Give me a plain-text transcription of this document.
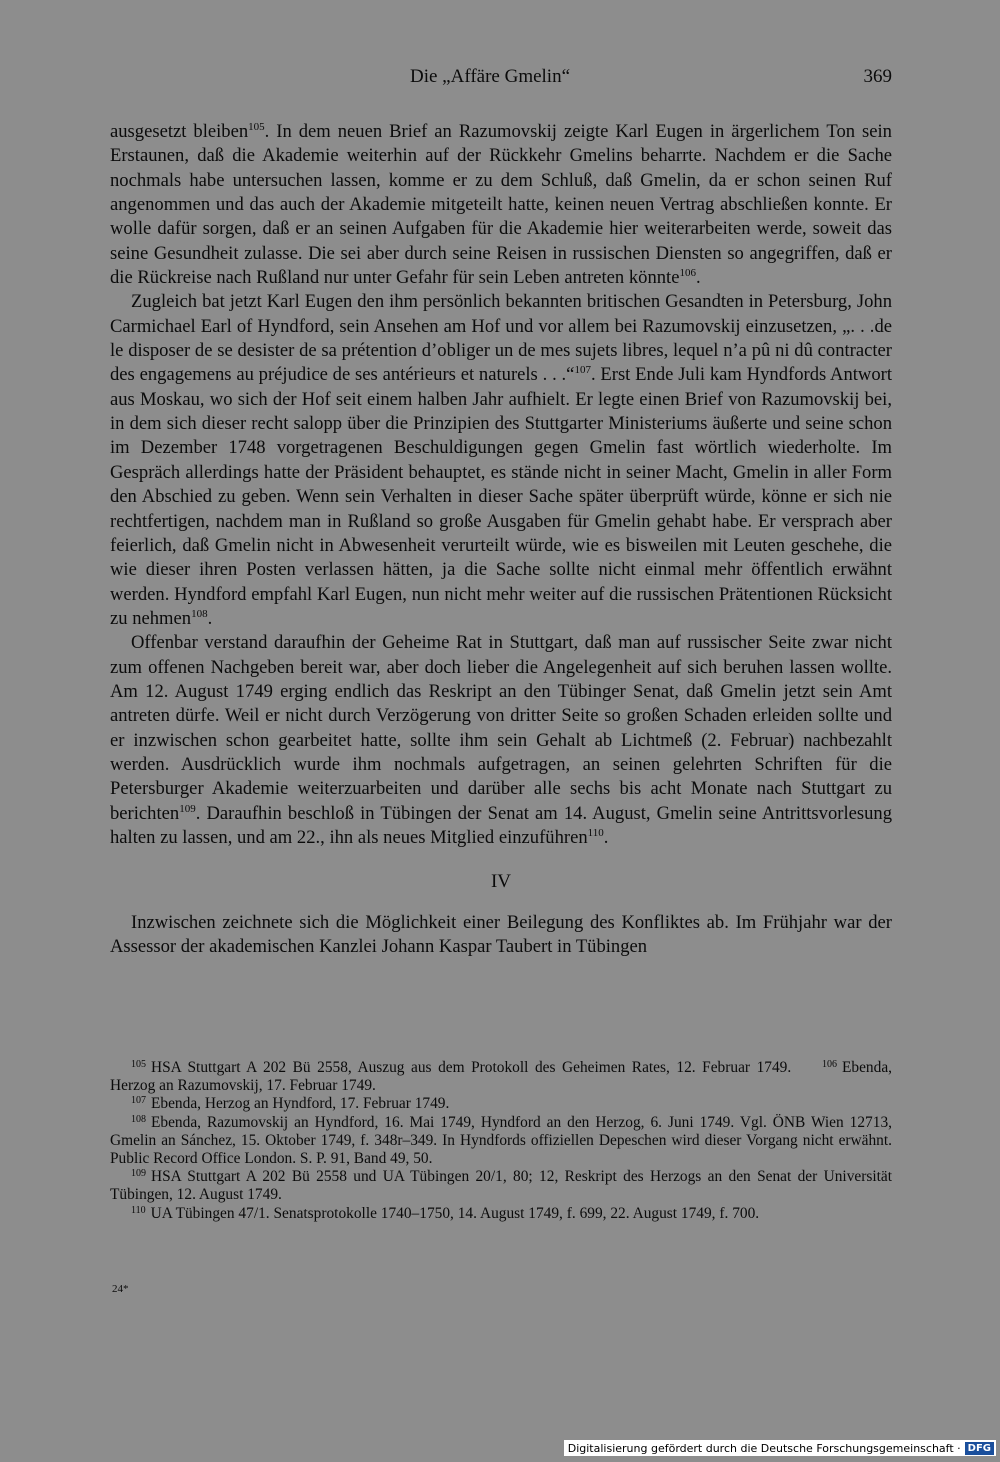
Die „Affäre Gmelin“	369

ausgesetzt bleiben$^{105}$. In dem neuen Brief an Razumovskij zeigte Karl Eugen in ärgerlichem Ton sein Erstaunen, daß die Akademie weiterhin auf der Rückkehr Gmelins beharrte. Nachdem er die Sache nochmals habe untersuchen lassen, komme er zu dem Schluß, daß Gmelin, da er schon seinen Ruf angenommen und das auch der Akademie mitgeteilt hatte, keinen neuen Vertrag abschließen konnte. Er wolle dafür sorgen, daß er an seinen Aufgaben für die Akademie hier weiterarbeiten werde, soweit das seine Gesundheit zulasse. Die sei aber durch seine Reisen in russischen Diensten so angegriffen, daß er die Rückreise nach Rußland nur unter Gefahr für sein Leben antreten könnte$^{106}$.

Zugleich bat jetzt Karl Eugen den ihm persönlich bekannten britischen Gesandten in Petersburg, John Carmichael Earl of Hyndford, sein Ansehen am Hof und vor allem bei Razumovskij einzusetzen, „. . .de le disposer de se desister de sa prétention d’obliger un de mes sujets libres, lequel n’a pû ni dû contracter des engagemens au préjudice de ses antérieurs et naturels . . .“$^{107}$. Erst Ende Juli kam Hyndfords Antwort aus Moskau, wo sich der Hof seit einem halben Jahr aufhielt. Er legte einen Brief von Razumovskij bei, in dem sich dieser recht salopp über die Prinzipien des Stuttgarter Ministeriums äußerte und seine schon im Dezember 1748 vorgetragenen Beschuldigungen gegen Gmelin fast wörtlich wiederholte. Im Gespräch allerdings hatte der Präsident behauptet, es stände nicht in seiner Macht, Gmelin in aller Form den Abschied zu geben. Wenn sein Verhalten in dieser Sache später überprüft würde, könne er sich nie rechtfertigen, nachdem man in Rußland so große Ausgaben für Gmelin gehabt habe. Er versprach aber feierlich, daß Gmelin nicht in Abwesenheit verurteilt würde, wie es bisweilen mit Leuten geschehe, die wie dieser ihren Posten verlassen hätten, ja die Sache sollte nicht einmal mehr öffentlich erwähnt werden. Hyndford empfahl Karl Eugen, nun nicht mehr weiter auf die russischen Prätentionen Rücksicht zu nehmen$^{108}$.

Offenbar verstand daraufhin der Geheime Rat in Stuttgart, daß man auf russischer Seite zwar nicht zum offenen Nachgeben bereit war, aber doch lieber die Angelegenheit auf sich beruhen lassen wollte. Am 12. August 1749 erging endlich das Reskript an den Tübinger Senat, daß Gmelin jetzt sein Amt antreten dürfe. Weil er nicht durch Verzögerung von dritter Seite so großen Schaden erleiden sollte und er inzwischen schon gearbeitet hatte, sollte ihm sein Gehalt ab Lichtmeß (2. Februar) nachbezahlt werden. Ausdrücklich wurde ihm nochmals aufgetragen, an seinen gelehrten Schriften für die Petersburger Akademie weiterzuarbeiten und darüber alle sechs bis acht Monate nach Stuttgart zu berichten$^{109}$. Daraufhin beschloß in Tübingen der Senat am 14. August, Gmelin seine Antrittsvorlesung halten zu lassen, und am 22., ihn als neues Mitglied einzuführen$^{110}$.

IV

Inzwischen zeichnete sich die Möglichkeit einer Beilegung des Konfliktes ab. Im Frühjahr war der Assessor der akademischen Kanzlei Johann Kaspar Taubert in Tübingen

$^{105}$ HSA Stuttgart A 202 Bü 2558, Auszug aus dem Protokoll des Geheimen Rates, 12. Februar 1749.  	$^{106}$ Ebenda, Herzog an Razumovskij, 17. Februar 1749.

$^{107}$ Ebenda, Herzog an Hyndford, 17. Februar 1749.

$^{108}$ Ebenda, Razumovskij an Hyndford, 16. Mai 1749, Hyndford an den Herzog, 6. Juni 1749. Vgl. ÖNB Wien 12713, Gmelin an Sánchez, 15. Oktober 1749, f. 348r–349. In Hyndfords offiziellen Depeschen wird dieser Vorgang nicht erwähnt. Public Record Office London. S. P. 91, Band 49, 50.

$^{109}$ HSA Stuttgart A 202 Bü 2558 und UA Tübingen 20/1, 80; 12, Reskript des Herzogs an den Senat der Universität Tübingen, 12. August 1749.

$^{110}$ UA Tübingen 47/1. Senatsprotokolle 1740–1750, 14. August 1749, f. 699, 22. August 1749, f. 700.

24*
Digitalisierung gefördert durch die Deutsche Forschungsgemeinschaft · DFG
